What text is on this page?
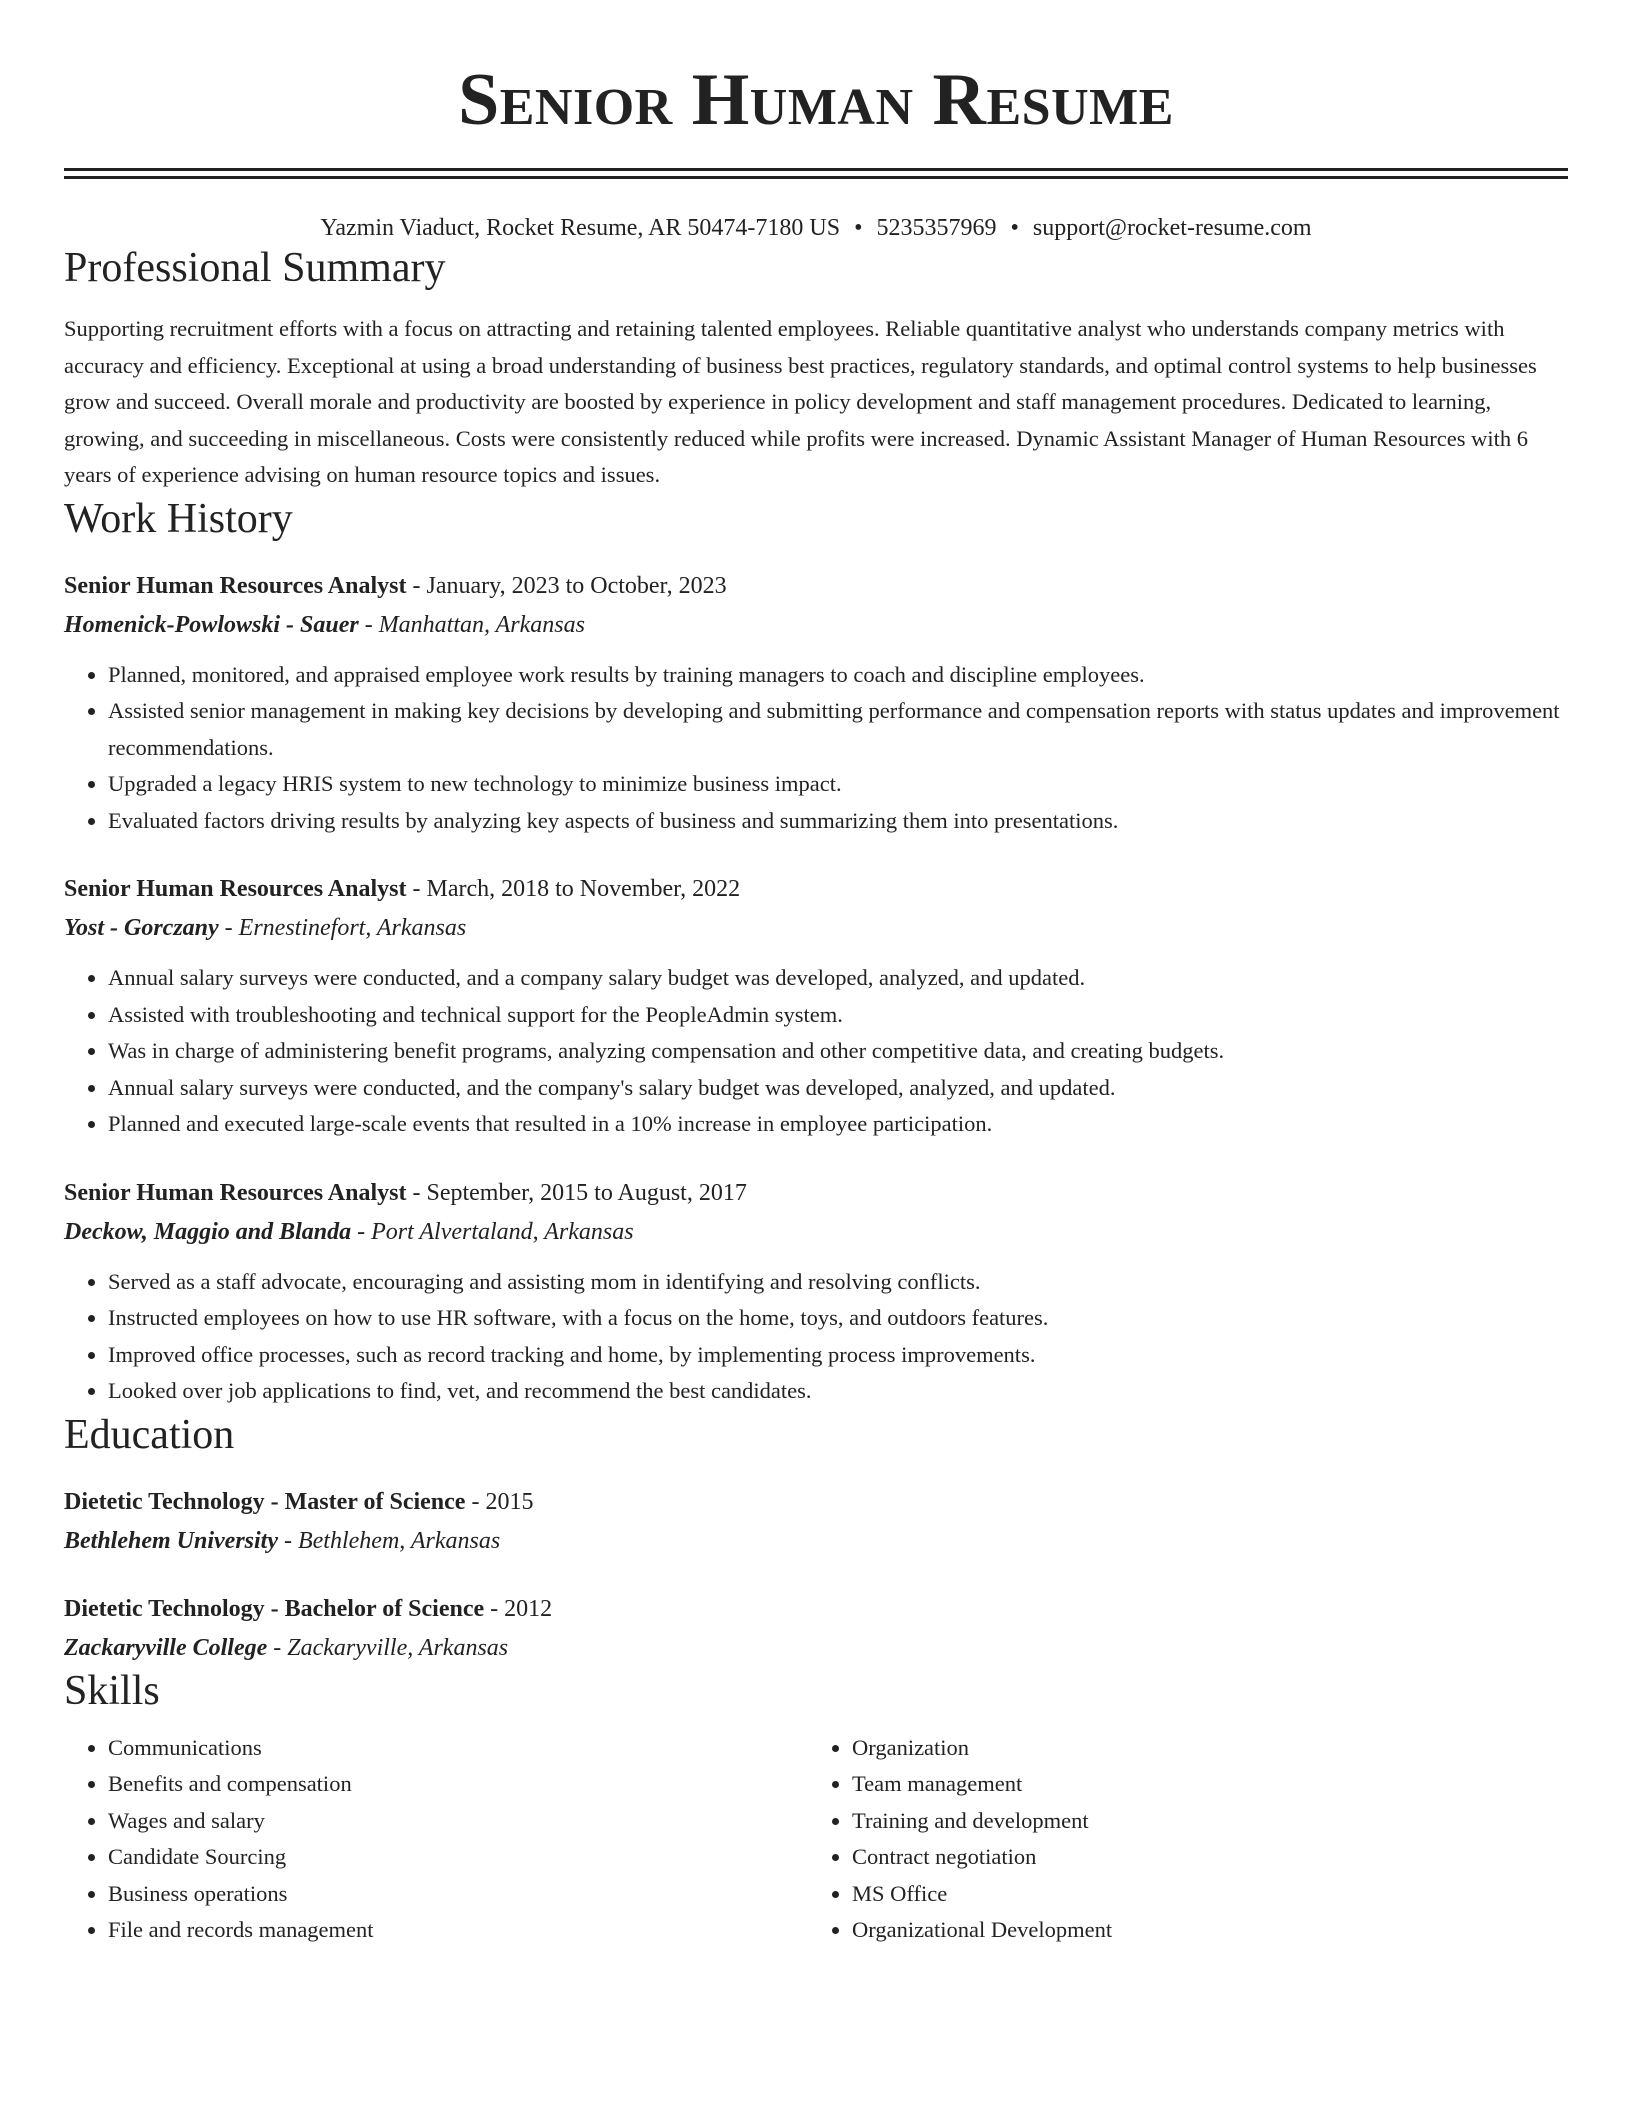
Senior Human Resume
Yazmin Viaduct, Rocket Resume, AR 50474-7180 US • 5235357969 • support@rocket-resume.com
Professional Summary
Supporting recruitment efforts with a focus on attracting and retaining talented employees. Reliable quantitative analyst who understands company metrics with accuracy and efficiency. Exceptional at using a broad understanding of business best practices, regulatory standards, and optimal control systems to help businesses grow and succeed. Overall morale and productivity are boosted by experience in policy development and staff management procedures. Dedicated to learning, growing, and succeeding in miscellaneous. Costs were consistently reduced while profits were increased. Dynamic Assistant Manager of Human Resources with 6 years of experience advising on human resource topics and issues.
Work History
Senior Human Resources Analyst - January, 2023 to October, 2023
Homenick-Powlowski - Sauer - Manhattan, Arkansas
• Planned, monitored, and appraised employee work results by training managers to coach and discipline employees.
• Assisted senior management in making key decisions by developing and submitting performance and compensation reports with status updates and improvement recommendations.
• Upgraded a legacy HRIS system to new technology to minimize business impact.
• Evaluated factors driving results by analyzing key aspects of business and summarizing them into presentations.
Senior Human Resources Analyst - March, 2018 to November, 2022
Yost - Gorczany - Ernestinefort, Arkansas
• Annual salary surveys were conducted, and a company salary budget was developed, analyzed, and updated.
• Assisted with troubleshooting and technical support for the PeopleAdmin system.
• Was in charge of administering benefit programs, analyzing compensation and other competitive data, and creating budgets.
• Annual salary surveys were conducted, and the company's salary budget was developed, analyzed, and updated.
• Planned and executed large-scale events that resulted in a 10% increase in employee participation.
Senior Human Resources Analyst - September, 2015 to August, 2017
Deckow, Maggio and Blanda - Port Alvertaland, Arkansas
• Served as a staff advocate, encouraging and assisting mom in identifying and resolving conflicts.
• Instructed employees on how to use HR software, with a focus on the home, toys, and outdoors features.
• Improved office processes, such as record tracking and home, by implementing process improvements.
• Looked over job applications to find, vet, and recommend the best candidates.
Education
Dietetic Technology - Master of Science - 2015
Bethlehem University - Bethlehem, Arkansas
Dietetic Technology - Bachelor of Science - 2012
Zackaryville College - Zackaryville, Arkansas
Skills
• Communications
• Benefits and compensation
• Wages and salary
• Candidate Sourcing
• Business operations
• File and records management
• Organization
• Team management
• Training and development
• Contract negotiation
• MS Office
• Organizational Development
